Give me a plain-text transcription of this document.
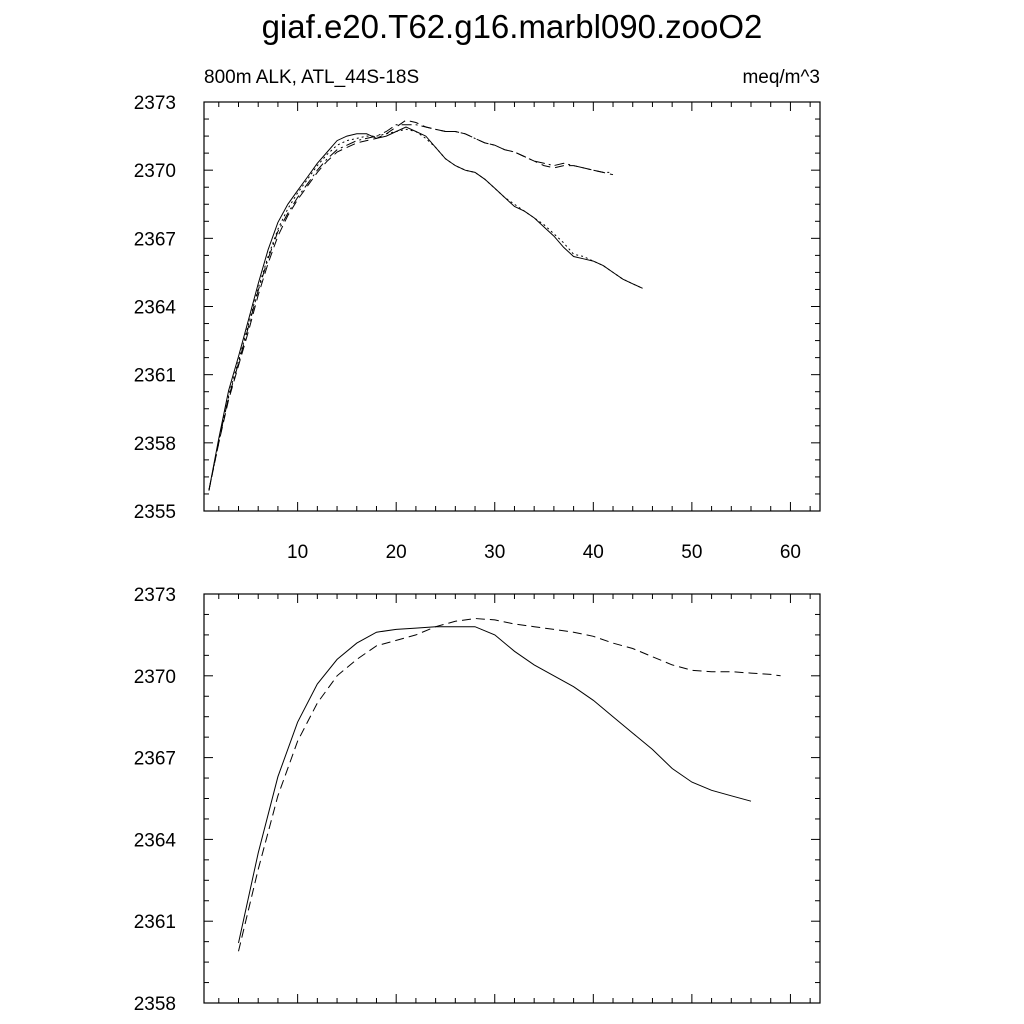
giaf.e20.T62.g16.marbl090.zooO2
800m ALK, ATL_44S-18S	meq/m^3
2355
2358
2361
2364
2367
2370
2373
10	20	30	40	50	60
2358
2361
2364
2367
2370
2373
